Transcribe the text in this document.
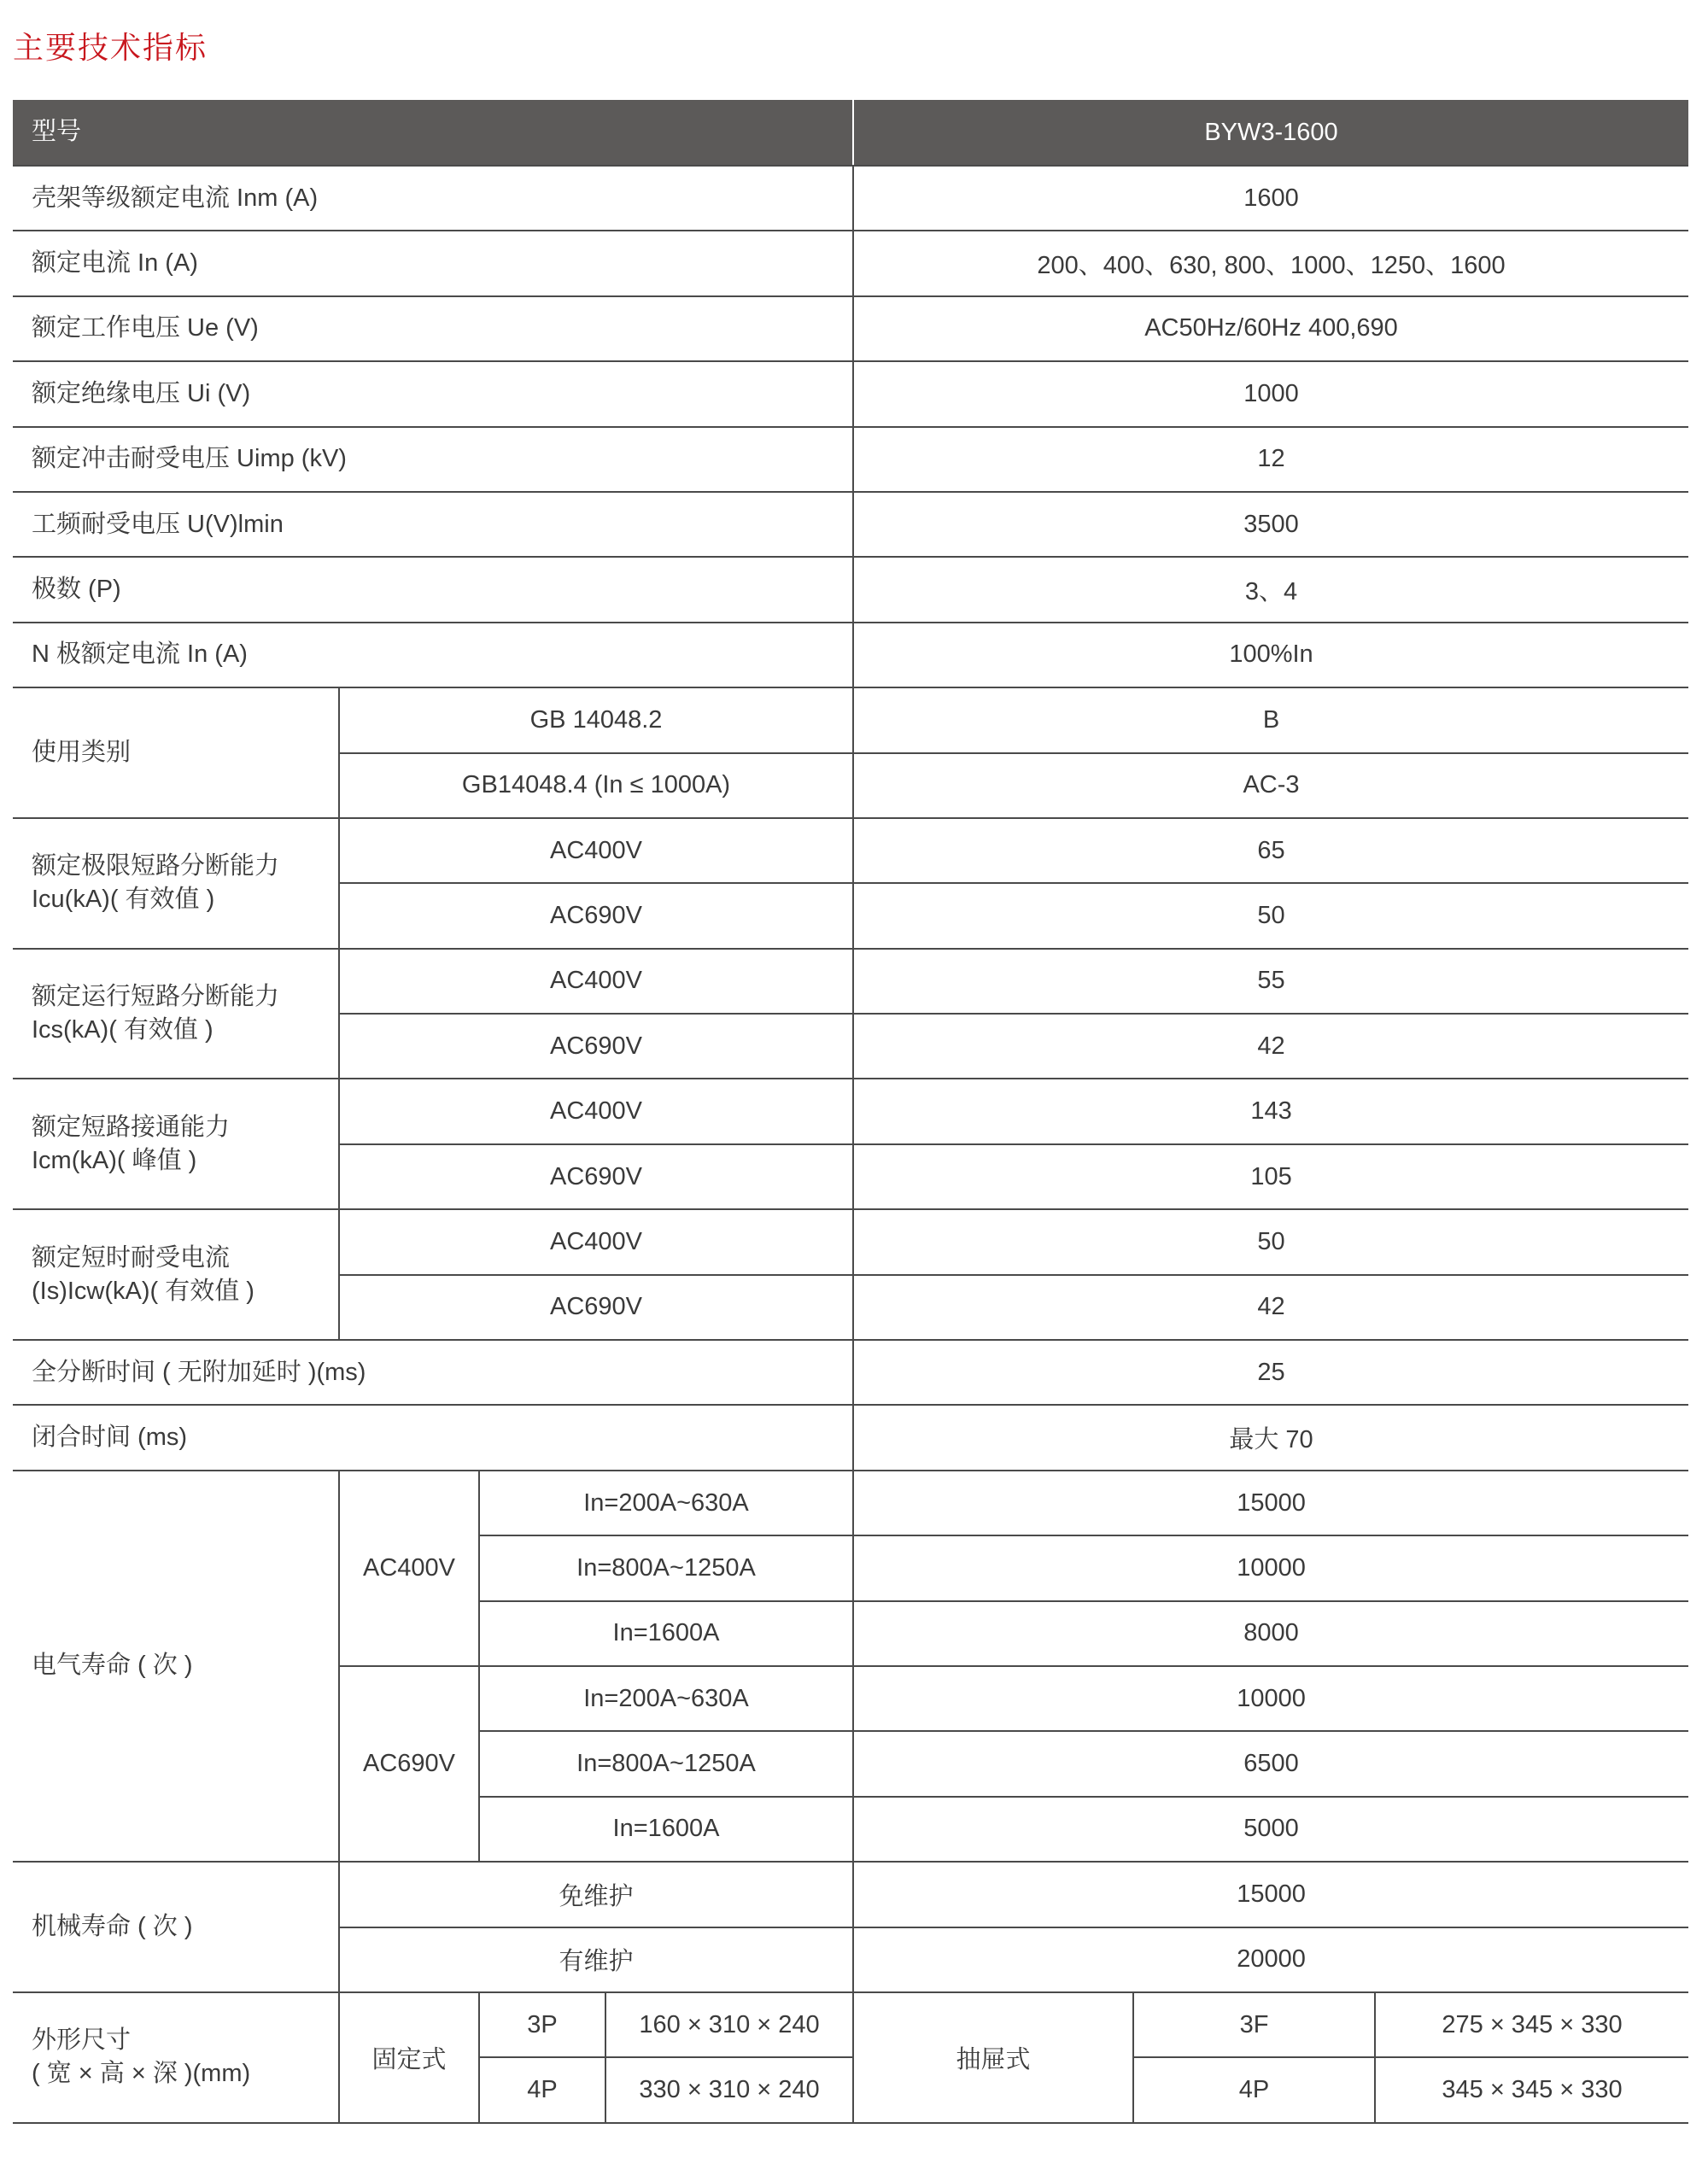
主要技术指标
型号				BYW3-1600		
壳架等级额定电流 Inm (A)				1600		
额定电流 In (A)				200、400、630, 800、1000、1250、1600		
额定工作电压 Ue (V)				AC50Hz/60Hz 400,690		
额定绝缘电压 Ui (V)				1000		
额定冲击耐受电压 Uimp (kV)				12		
工频耐受电压 U(V)lmin				3500		
极数 (P)				3、4		
N 极额定电流 In (A)				100%In		
使用类别	GB 14048.2			B		
	GB14048.4 (In ≤ 1000A)			AC-3		
额定极限短路分断能力
Icu(kA)( 有效值 )	AC400V			65		
	AC690V			50		
额定运行短路分断能力
Ics(kA)( 有效值 )	AC400V			55		
	AC690V			42		
额定短路接通能力
Icm(kA)( 峰值 )	AC400V			143		
	AC690V			105		
额定短时耐受电流
(Is)Icw(kA)( 有效值 )	AC400V			50		
	AC690V			42		
全分断时间 ( 无附加延时 )(ms)				25		
闭合时间 (ms)				最大 70		
电气寿命 ( 次 )	AC400V	In=200A~630A		15000		
		In=800A~1250A		10000		
		In=1600A		8000		
	AC690V	In=200A~630A		10000		
		In=800A~1250A		6500		
		In=1600A		5000		
机械寿命 ( 次 )	免维护			15000		
	有维护			20000		
外形尺寸
( 宽 × 高 × 深 )(mm)	固定式	3P	160 × 310 × 240	抽屉式	3F	275 × 345 × 330
		4P	330 × 310 × 240		4P	345 × 345 × 330
